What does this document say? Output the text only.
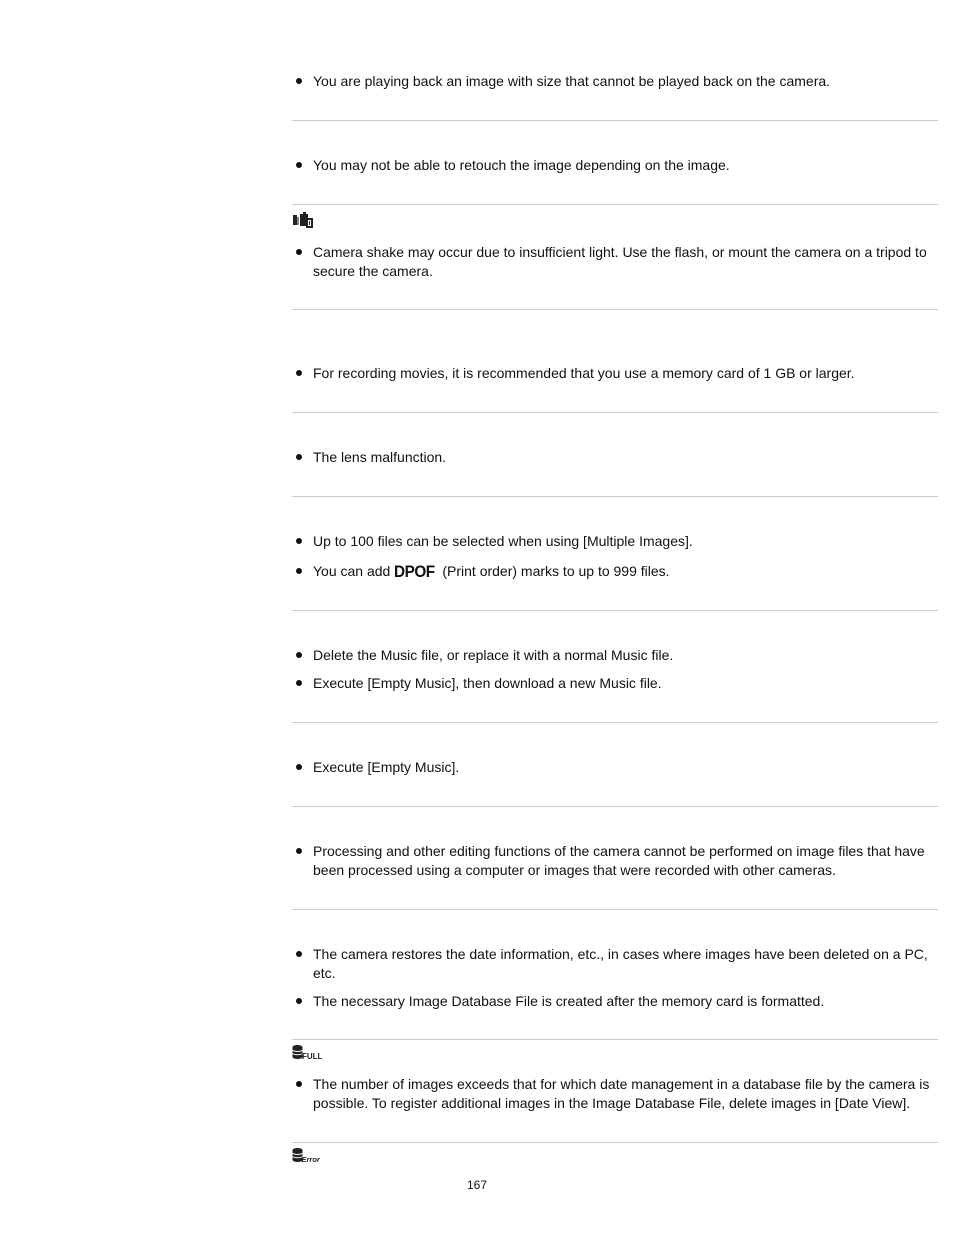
You are playing back an image with size that cannot be played back on the camera.

You may not be able to retouch the image depending on the image.

Camera shake may occur due to insufficient light. Use the flash, or mount the camera on a tripod to secure the camera.

For recording movies, it is recommended that you use a memory card of 1 GB or larger.

The lens malfunction.

Up to 100 files can be selected when using [Multiple Images].

You can add DPOF (Print order) marks to up to 999 files.

Delete the Music file, or replace it with a normal Music file.

Execute [Empty Music], then download a new Music file.

Execute [Empty Music].

Processing and other editing functions of the camera cannot be performed on image files that have been processed using a computer or images that were recorded with other cameras.

The camera restores the date information, etc., in cases where images have been deleted on a PC, etc.

The necessary Image Database File is created after the memory card is formatted.

FULL

The number of images exceeds that for which date management in a database file by the camera is possible. To register additional images in the Image Database File, delete images in [Date View].

Error
167
